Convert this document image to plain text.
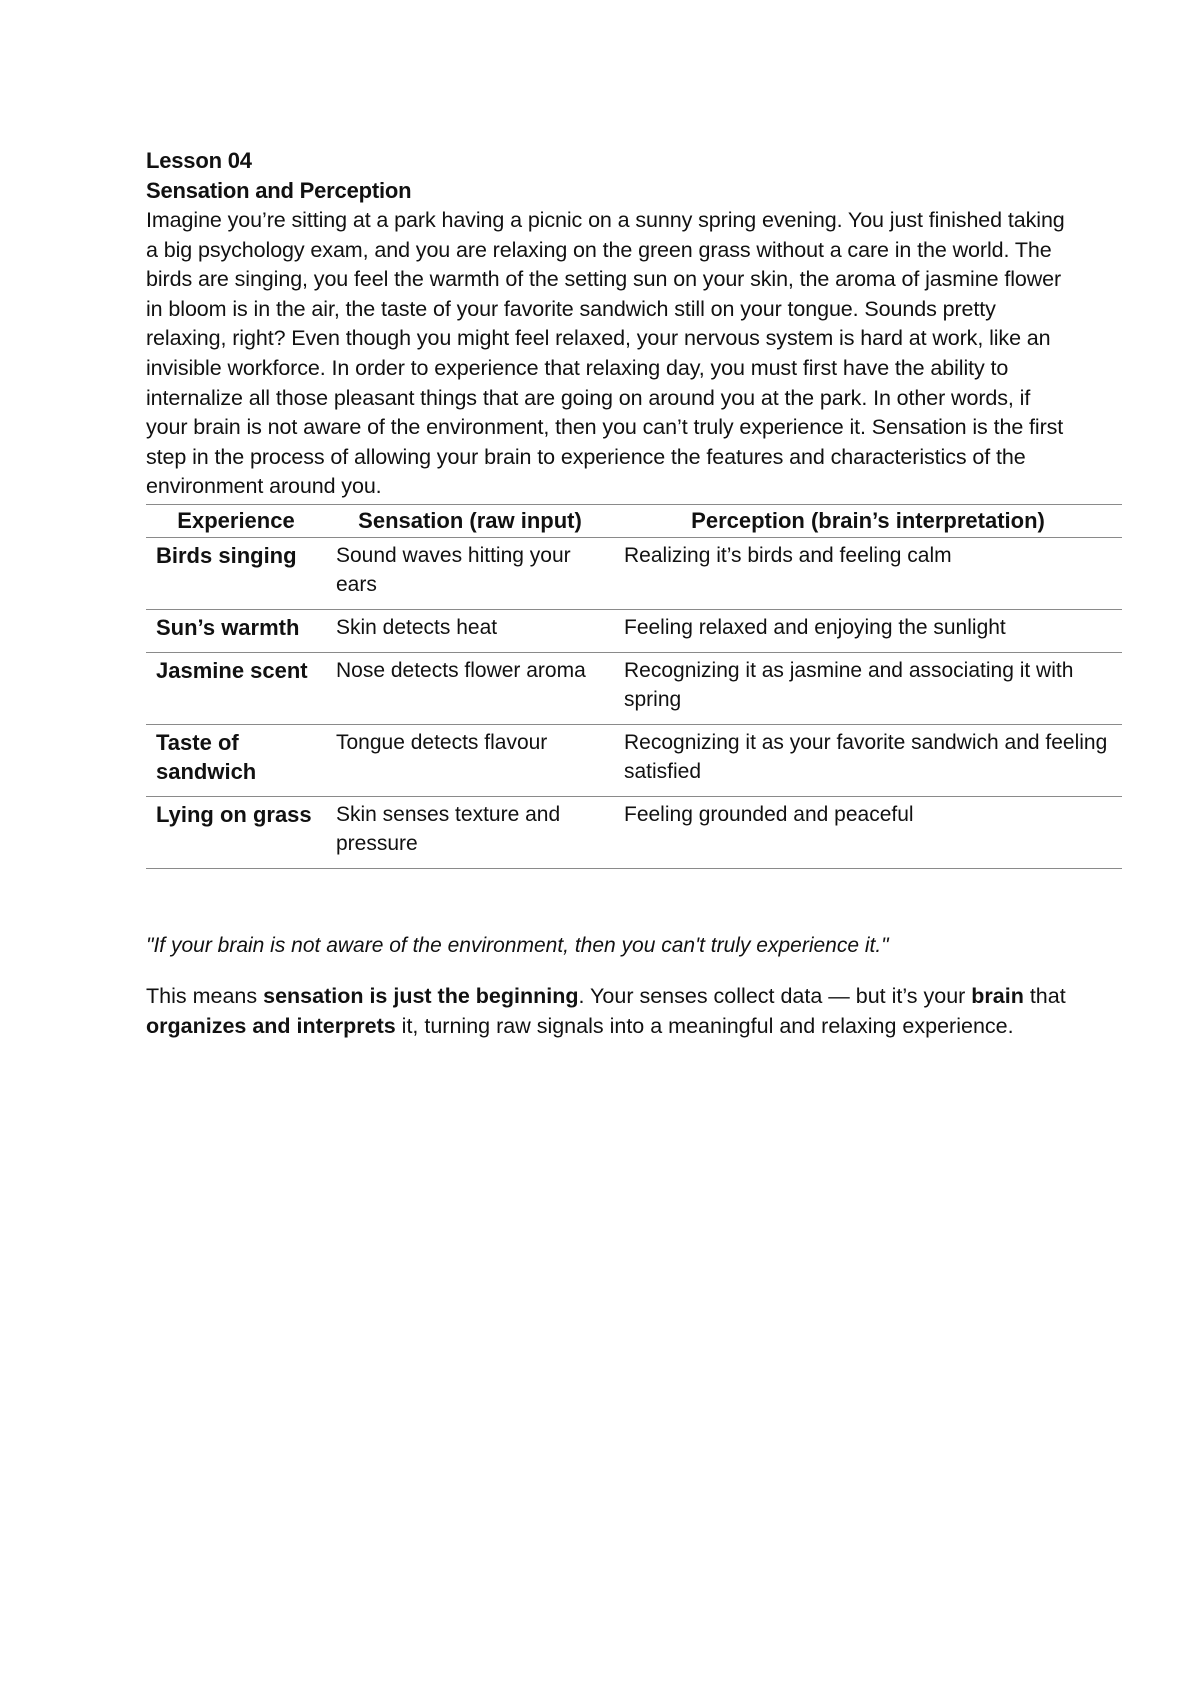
Lesson 04
Sensation and Perception

Imagine you’re sitting at a park having a picnic on a sunny spring evening. You just finished taking a big psychology exam, and you are relaxing on the green grass without a care in the world. The birds are singing, you feel the warmth of the setting sun on your skin, the aroma of jasmine flower in bloom is in the air, the taste of your favorite sandwich still on your tongue. Sounds pretty relaxing, right? Even though you might feel relaxed, your nervous system is hard at work, like an invisible workforce. In order to experience that relaxing day, you must first have the ability to internalize all those pleasant things that are going on around you at the park. In other words, if your brain is not aware of the environment, then you can’t truly experience it. Sensation is the first step in the process of allowing your brain to experience the features and characteristics of the environment around you.

Experience	Sensation (raw input)	Perception (brain’s interpretation)
Birds singing	Sound waves hitting your ears	Realizing it’s birds and feeling calm
Sun’s warmth	Skin detects heat	Feeling relaxed and enjoying the sunlight
Jasmine scent	Nose detects flower aroma	Recognizing it as jasmine and associating it with spring
Taste of sandwich	Tongue detects flavour	Recognizing it as your favorite sandwich and feeling satisfied
Lying on grass	Skin senses texture and pressure	Feeling grounded and peaceful

"If your brain is not aware of the environment, then you can't truly experience it."

This means sensation is just the beginning. Your senses collect data — but it’s your brain that organizes and interprets it, turning raw signals into a meaningful and relaxing experience.
